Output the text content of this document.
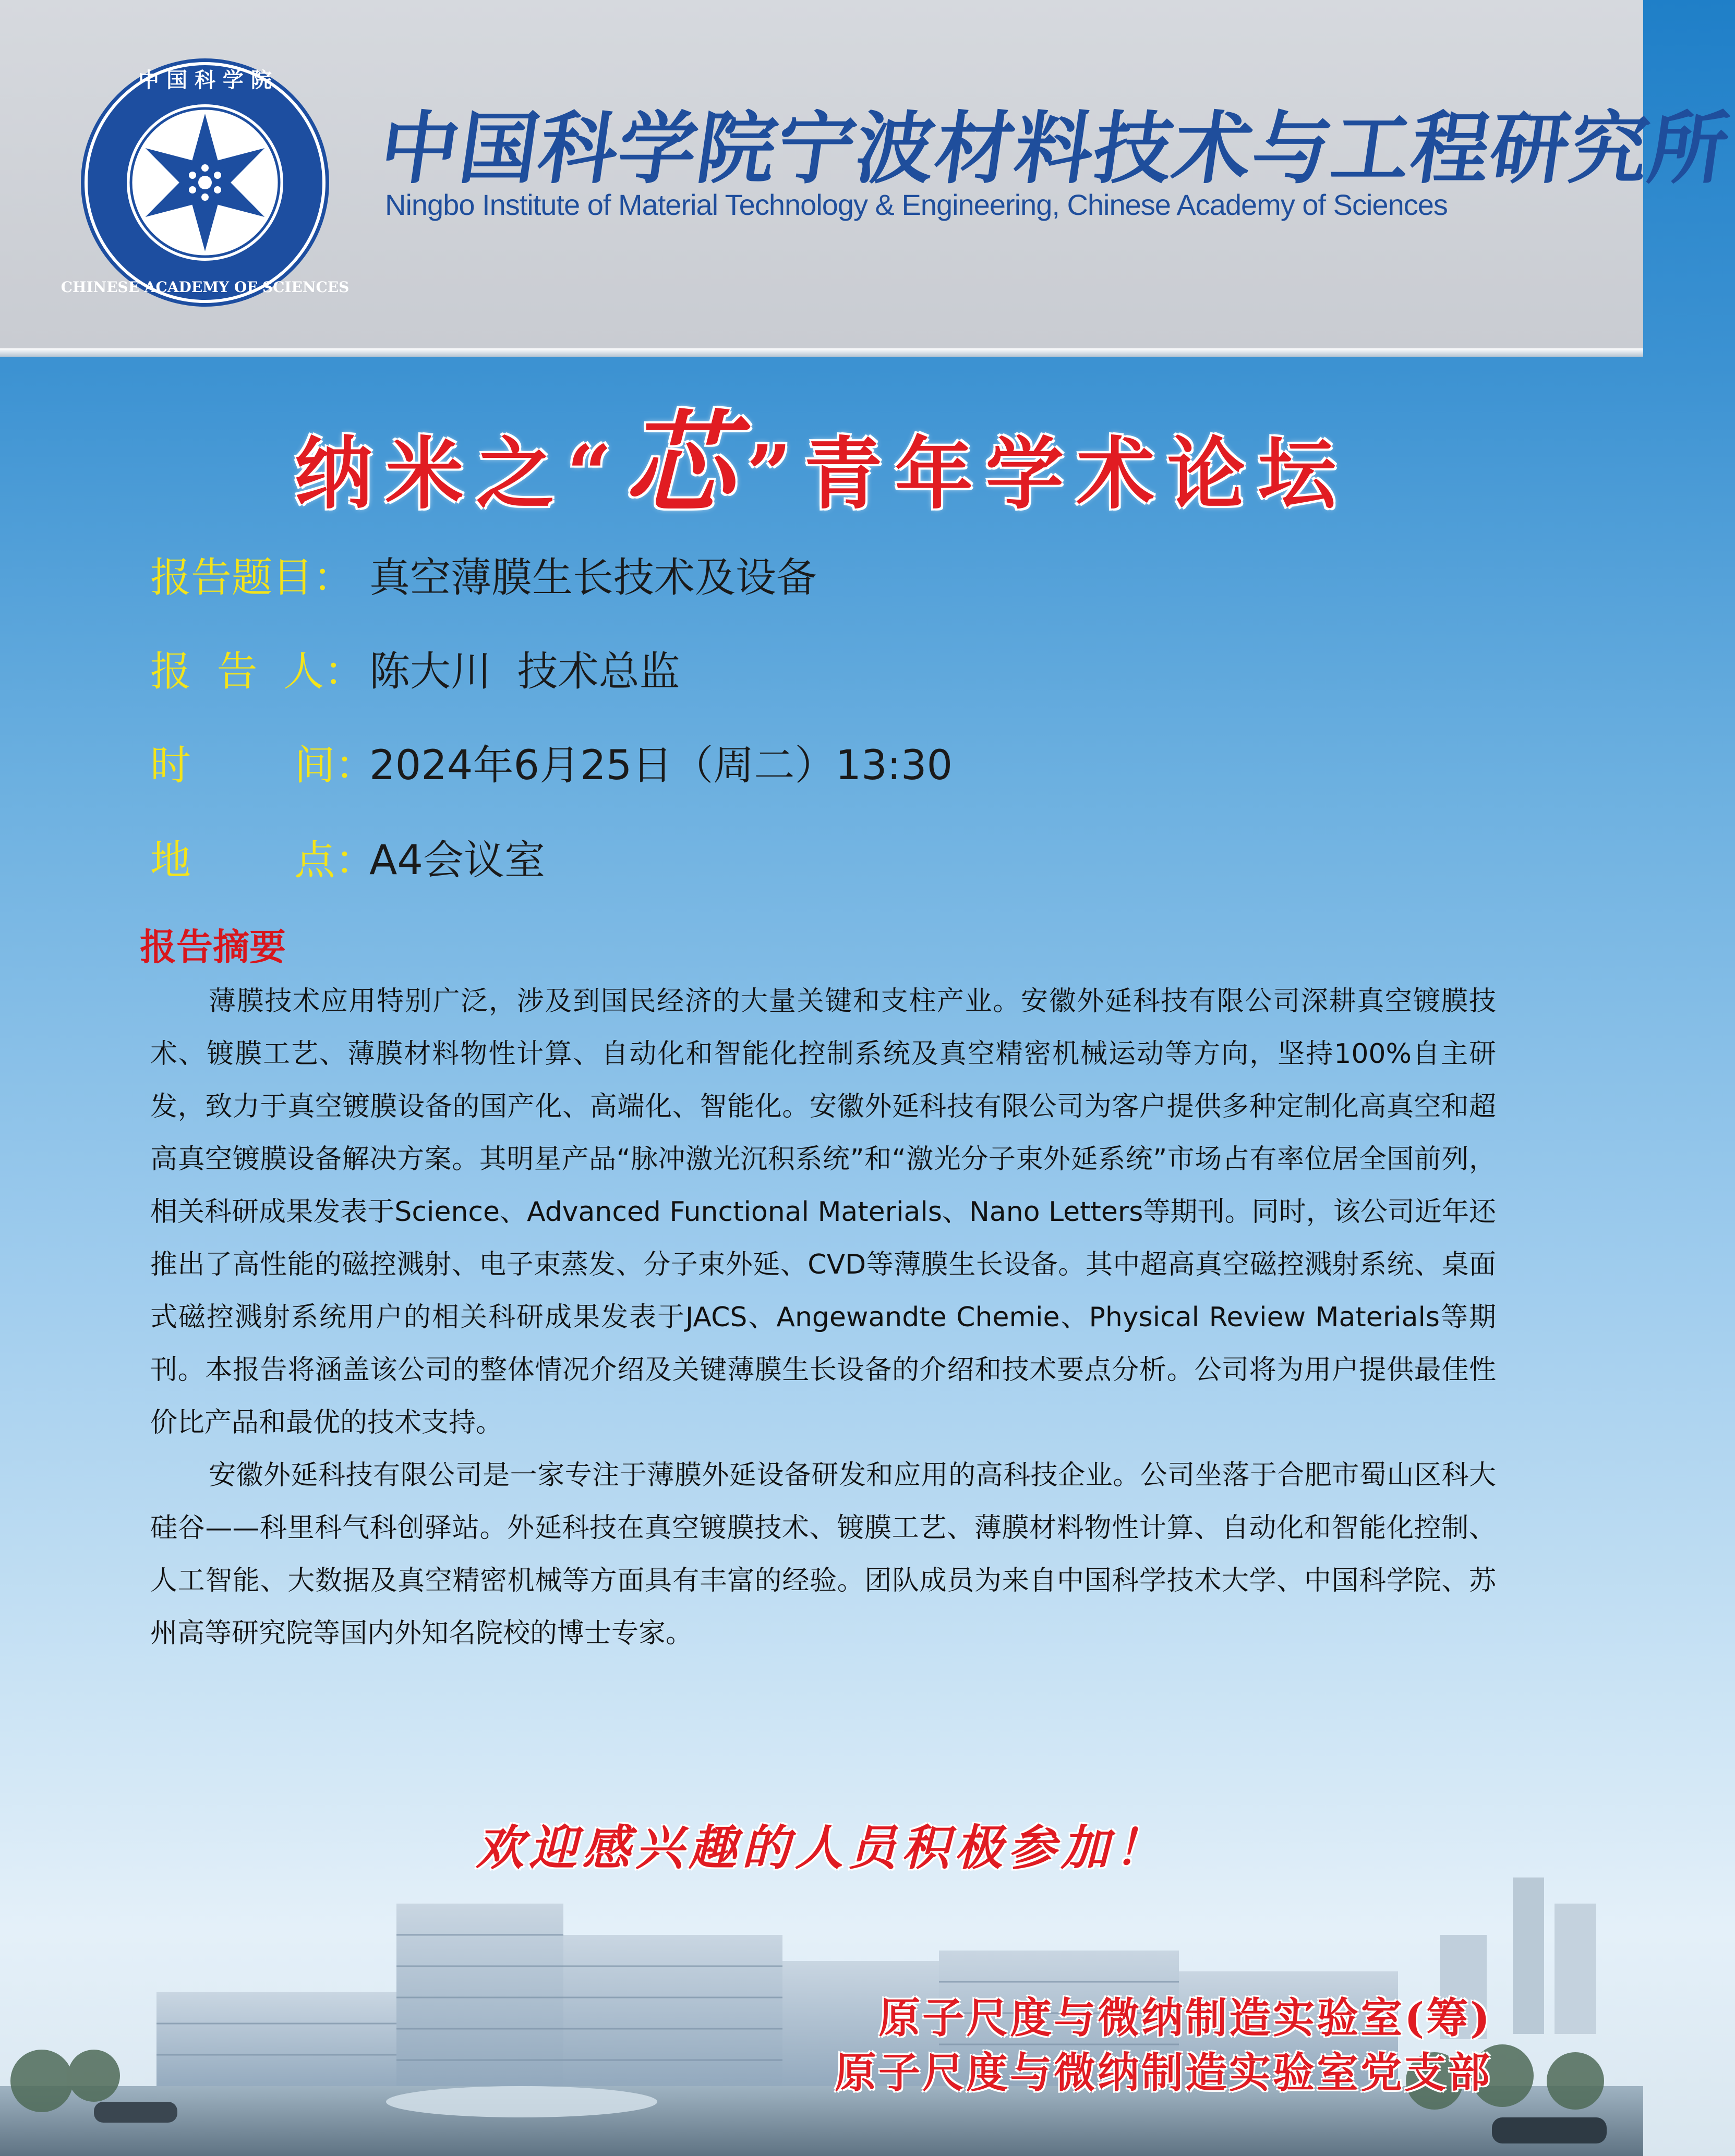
中 国 科 学 院
CHINESE ACADEMY OF SCIENCES
中国科学院宁波材料技术与工程研究所
Ningbo Institute of Material Technology & Engineering, Chinese Academy of Sciences
纳米之“芯”青年学术论坛
报告题目： 真空薄膜生长技术及设备
报  告  人： 陈大川  技术总监
时        间：2024年6月25日（周二）13:30
地        点：A4会议室
报告摘要

薄膜技术应用特别广泛，涉及到国民经济的大量关键和支柱产业。安徽外延科技有限公司深耕真空镀膜技术、镀膜工艺、薄膜材料物性计算、自动化和智能化控制系统及真空精密机械运动等方向，坚持100%自主研发，致力于真空镀膜设备的国产化、高端化、智能化。安徽外延科技有限公司为客户提供多种定制化高真空和超高真空镀膜设备解决方案。其明星产品“脉冲激光沉积系统”和“激光分子束外延系统”市场占有率位居全国前列，相关科研成果发表于Science、Advanced Functional Materials、Nano Letters等期刊。同时，该公司近年还推出了高性能的磁控溅射、电子束蒸发、分子束外延、CVD等薄膜生长设备。其中超高真空磁控溅射系统、桌面式磁控溅射系统用户的相关科研成果发表于JACS、Angewandte Chemie、Physical Review Materials等期刊。本报告将涵盖该公司的整体情况介绍及关键薄膜生长设备的介绍和技术要点分析。公司将为用户提供最佳性价比产品和最优的技术支持。

安徽外延科技有限公司是一家专注于薄膜外延设备研发和应用的高科技企业。公司坐落于合肥市蜀山区科大硅谷——科里科气科创驿站。外延科技在真空镀膜技术、镀膜工艺、薄膜材料物性计算、自动化和智能化控制、人工智能、大数据及真空精密机械等方面具有丰富的经验。团队成员为来自中国科学技术大学、中国科学院、苏州高等研究院等国内外知名院校的博士专家。

欢迎感兴趣的人员积极参加！
原子尺度与微纳制造实验室(筹)
原子尺度与微纳制造实验室党支部
